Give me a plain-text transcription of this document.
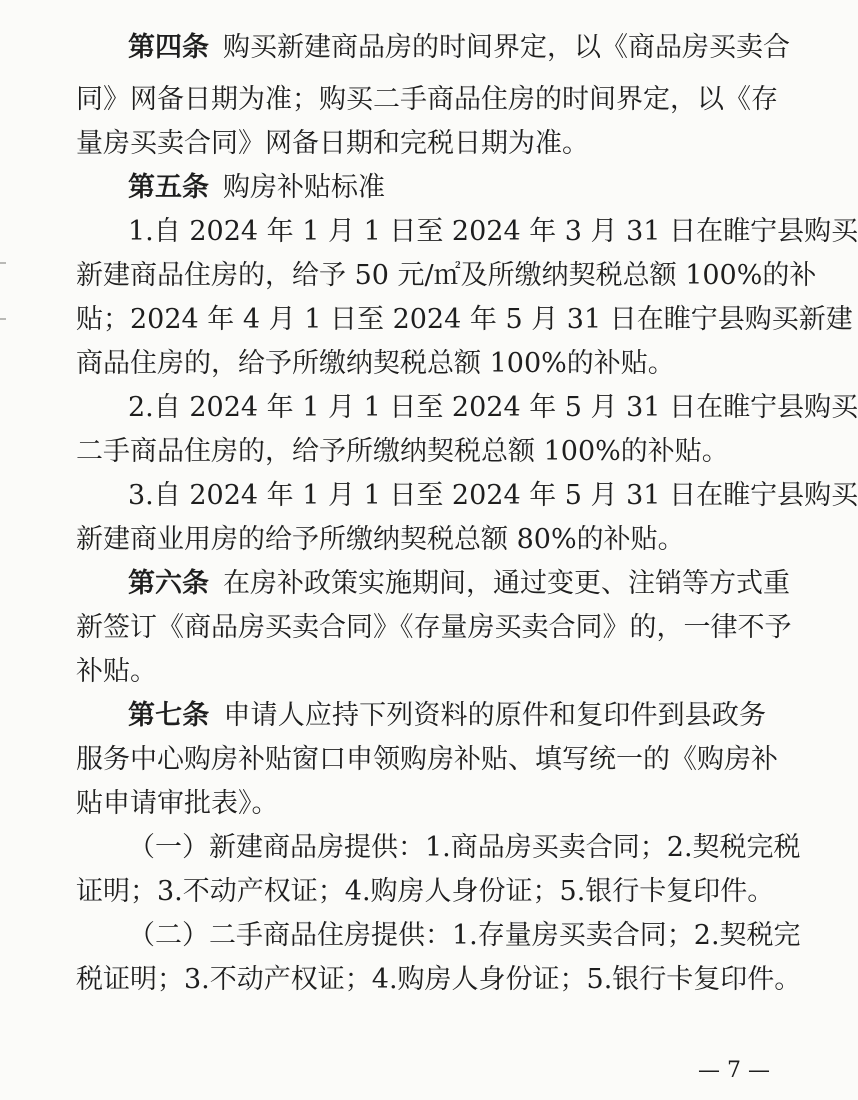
第四条 购买新建商品房的时间界定，以《商品房买卖合
同》网备日期为准；购买二手商品住房的时间界定，以《存
量房买卖合同》网备日期和完税日期为准。
第五条 购房补贴标准
1.自 2024 年 1 月 1 日至 2024 年 3 月 31 日在睢宁县购买
新建商品住房的，给予 50 元/㎡及所缴纳契税总额 100%的补
贴；2024 年 4 月 1 日至 2024 年 5 月 31 日在睢宁县购买新建
商品住房的，给予所缴纳契税总额 100%的补贴。
2.自 2024 年 1 月 1 日至 2024 年 5 月 31 日在睢宁县购买
二手商品住房的，给予所缴纳契税总额 100%的补贴。
3.自 2024 年 1 月 1 日至 2024 年 5 月 31 日在睢宁县购买
新建商业用房的给予所缴纳契税总额 80%的补贴。
第六条 在房补政策实施期间，通过变更、注销等方式重
新签订《商品房买卖合同》《存量房买卖合同》的，一律不予
补贴。
第七条 申请人应持下列资料的原件和复印件到县政务
服务中心购房补贴窗口申领购房补贴、填写统一的《购房补
贴申请审批表》。
（一）新建商品房提供：1.商品房买卖合同；2.契税完税
证明；3.不动产权证；4.购房人身份证；5.银行卡复印件。
（二）二手商品住房提供：1.存量房买卖合同；2.契税完
税证明；3.不动产权证；4.购房人身份证；5.银行卡复印件。
— 7 —
